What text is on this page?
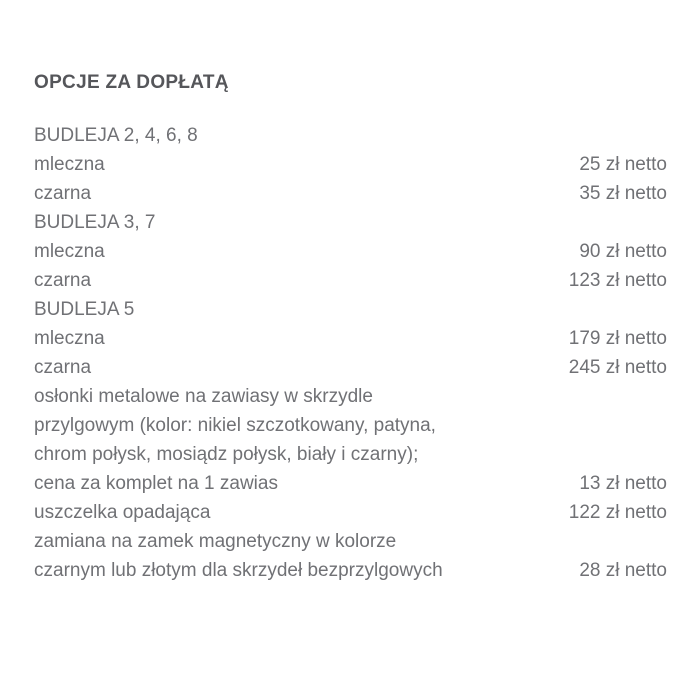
OPCJE ZA DOPŁATĄ
BUDLEJA 2, 4, 6, 8
mleczna	25 zł netto
czarna	35 zł netto
BUDLEJA 3, 7
mleczna	90 zł netto
czarna	123 zł netto
BUDLEJA 5
mleczna	179 zł netto
czarna	245 zł netto
osłonki metalowe na zawiasy w skrzydle
przylgowym (kolor: nikiel szczotkowany, patyna,
chrom połysk, mosiądz połysk, biały i czarny);
cena za komplet na 1 zawias	13 zł netto
uszczelka opadająca	122 zł netto
zamiana na zamek magnetyczny w kolorze
czarnym lub złotym dla skrzydeł bezprzylgowych	28 zł netto
